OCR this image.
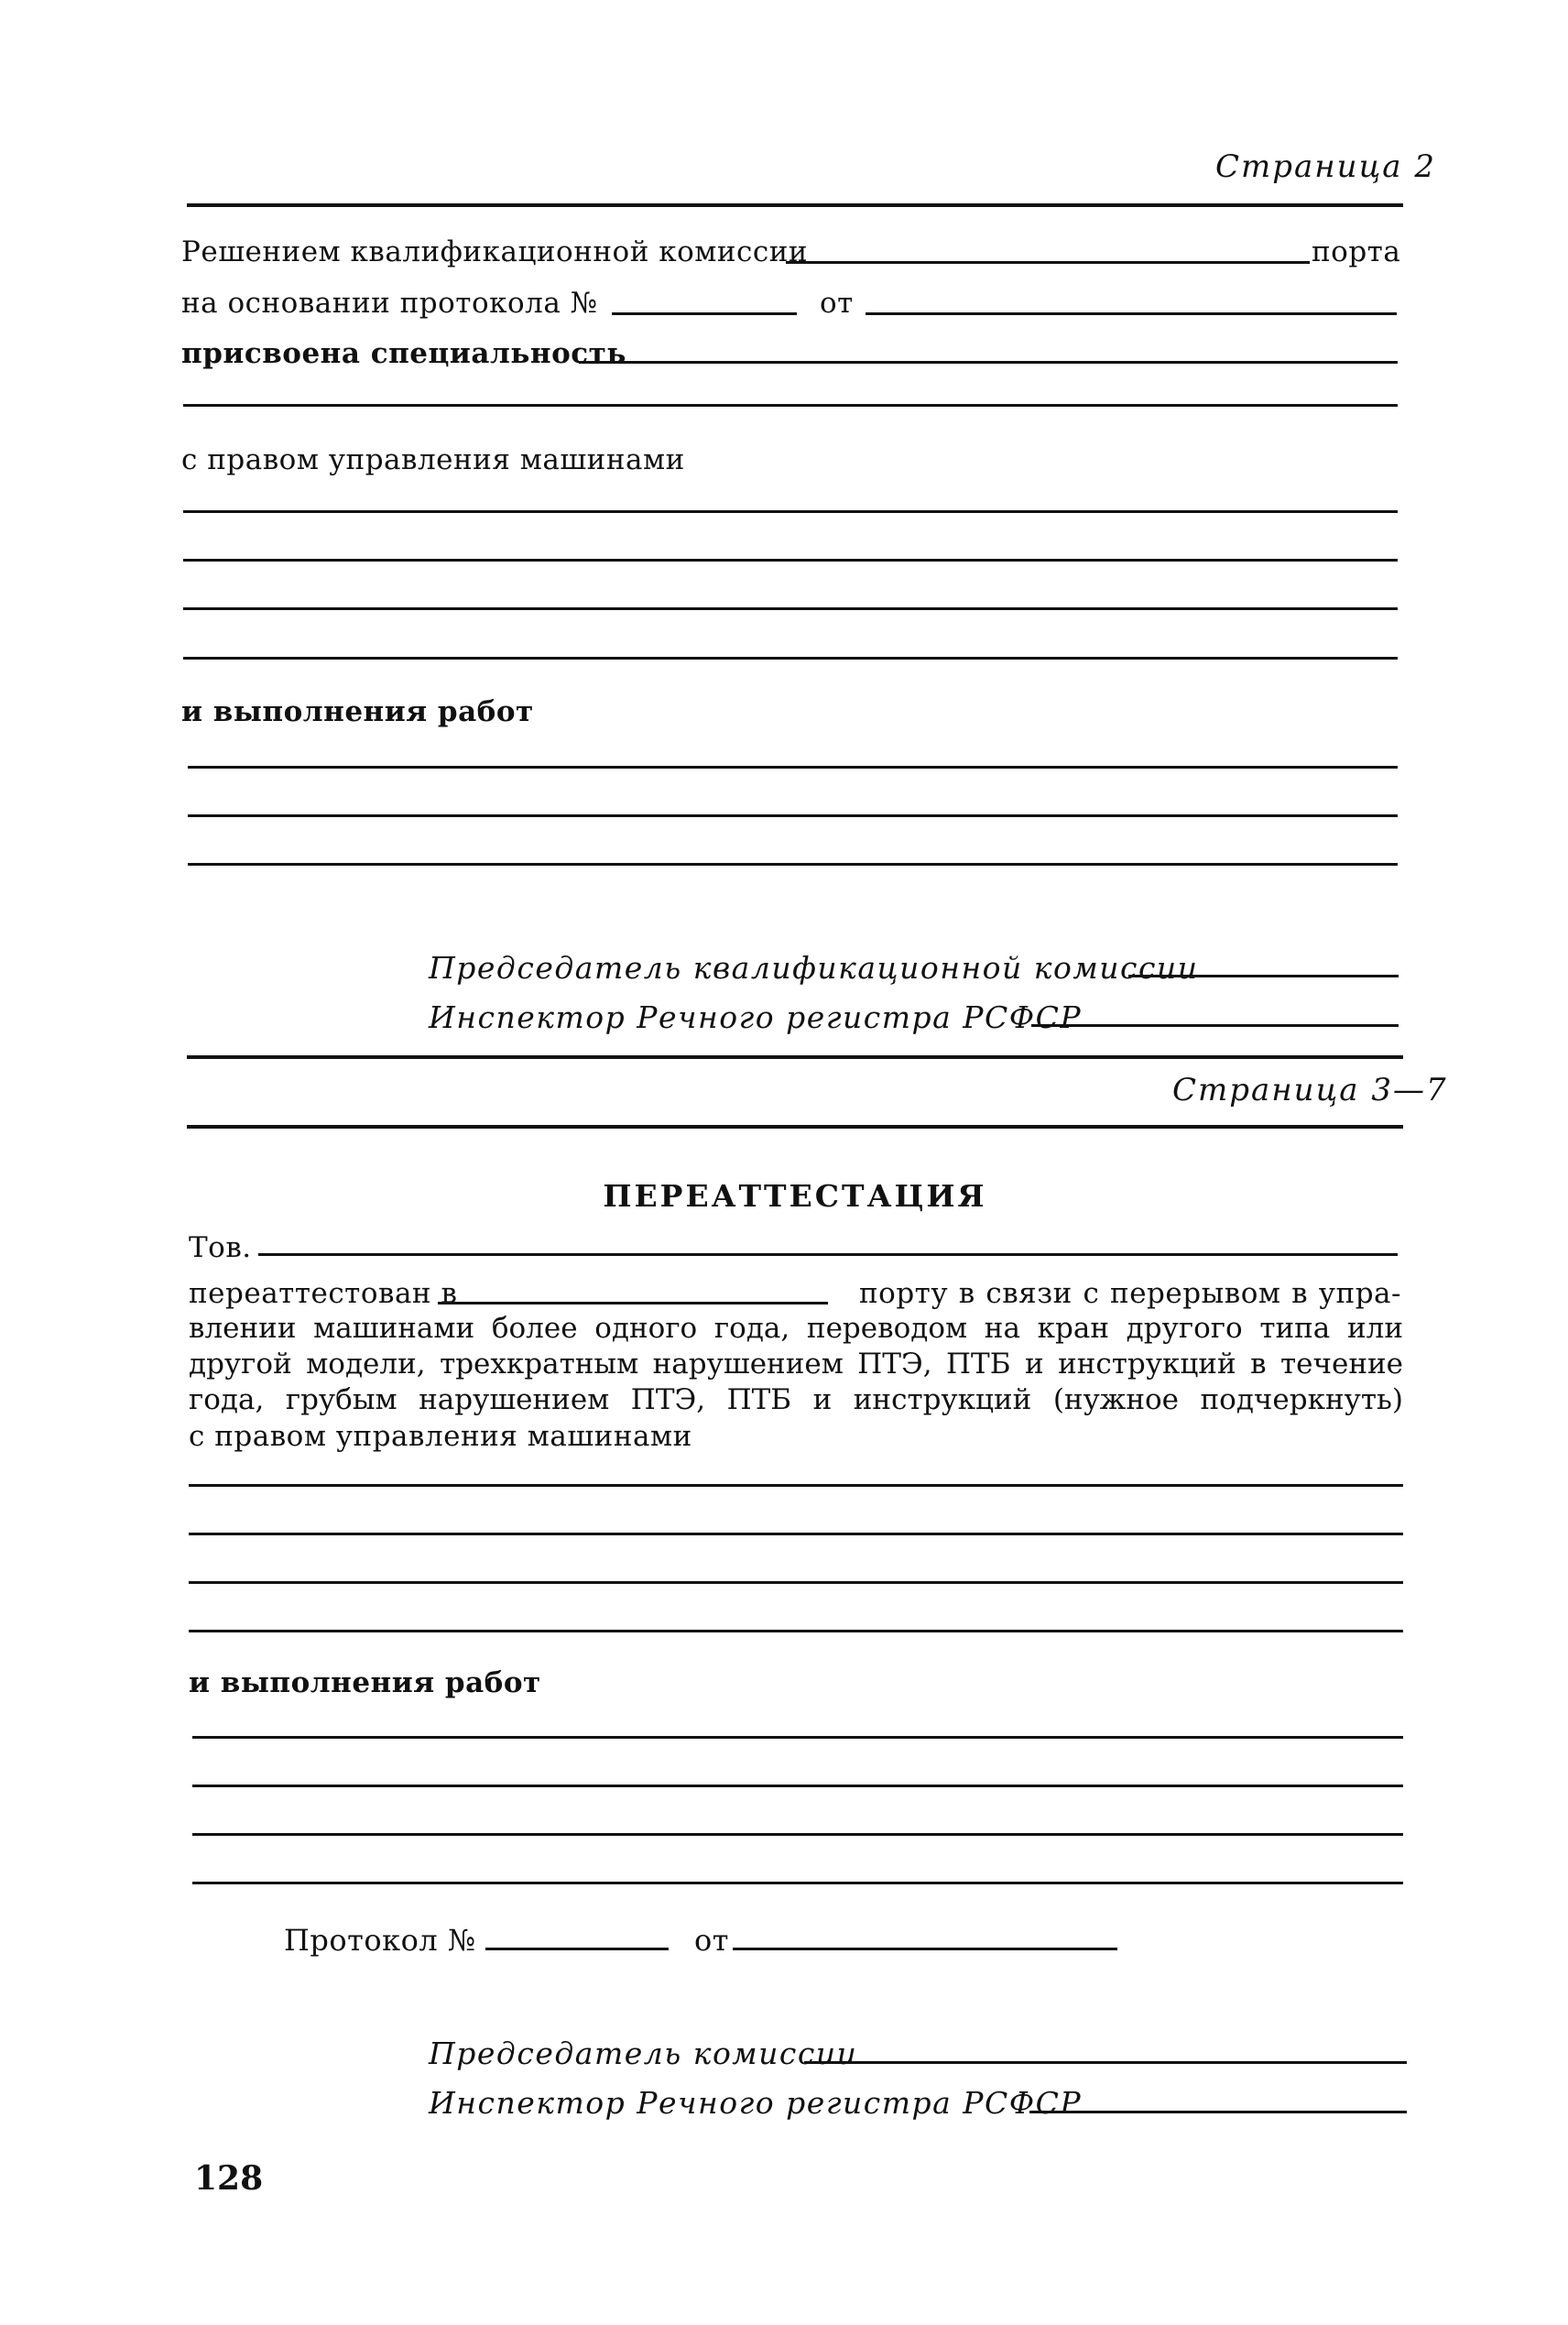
Страница 2
Решением квалификационной комиссии	порта
на основании протокола №	от
присвоена специальность
с правом управления машинами
и выполнения работ
Председатель квалификационной комиссии
Инспектор Речного регистра РСФСР
Страница 3—7
ПЕРЕАТТЕСТАЦИЯ
Тов.
переаттестован в	порту в связи с перерывом в упра-
влении машинами более одного года, переводом на кран другого типа или
другой модели, трехкратным нарушением ПТЭ, ПТБ и инструкций в течение
года, грубым нарушением ПТЭ, ПТБ и инструкций (нужное подчеркнуть)
с правом управления машинами
и выполнения работ
Протокол №	от
Председатель комиссии
Инспектор Речного регистра РСФСР
128
